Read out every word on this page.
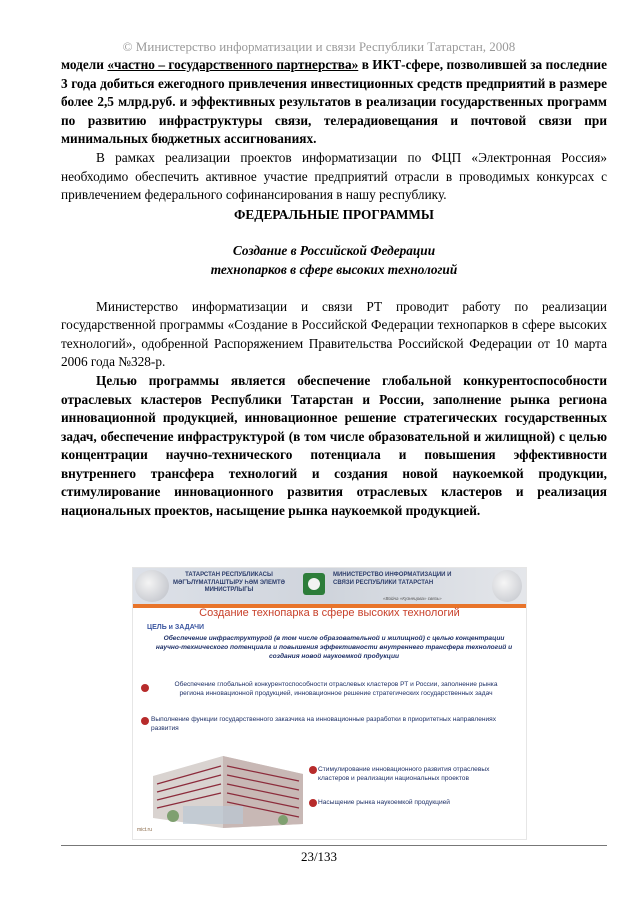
© Министерство информатизации и связи Республики Татарстан, 2008

модели «частно – государственного партнерства» в ИКТ-сфере, позволившей за последние 3 года добиться ежегодного привлечения инвестиционных средств предприятий в размере более 2,5 млрд.руб. и эффективных результатов в реализации государственных программ по развитию инфраструктуры связи, телерадиовещания и почтовой связи при минимальных бюджетных ассигнованиях.

В рамках реализации проектов информатизации по ФЦП «Электронная Россия» необходимо обеспечить активное участие предприятий отрасли в проводимых конкурсах с привлечением федерального софинансирования в нашу республику.

ФЕДЕРАЛЬНЫЕ ПРОГРАММЫ

Создание в Российской Федерации

технопарков в сфере высоких технологий

Министерство информатизации и связи РТ проводит работу по реализации государственной программы «Создание в Российской Федерации технопарков в сфере высоких технологий», одобренной Распоряжением Правительства Российской Федерации от 10 марта 2006 года №328-р.

Целью программы является обеспечение глобальной конкурентоспособности отраслевых кластеров Республики Татарстан и России, заполнение рынка региона инновационной продукцией, инновационное решение стратегических государственных задач, обеспечение инфраструктурой (в том числе образовательной и жилищной) с целью концентрации научно-технического потенциала и повышения эффективности внутреннего трансфера технологий и создания новой наукоемкой продукции, стимулирование инновационного развития отраслевых кластеров и реализация национальных проектов, насыщение рынка наукоемкой продукцией.

ТАТАРСТАН РЕСПУБЛИКАСЫ МӘГЪЛҮМАТЛАШТЫРУ ҺӘМ ЭЛЕМТӘ МИНИСТРЛЫГЫ
МИНИСТЕРСТВО ИНФОРМАТИЗАЦИИ И СВЯЗИ РЕСПУБЛИКИ ТАТАРСТАН
«Война «Кузнецова» связь»
Создание технопарка в сфере высоких технологий
ЦЕЛЬ и ЗАДАЧИ
Обеспечение инфраструктурой (в том числе образовательной и жилищной) с целью концентрации научно-технического потенциала и повышения эффективности внутреннего трансфера технологий и создания новой наукоемкой продукции
Обеспечение глобальной конкурентоспособности отраслевых кластеров РТ и России, заполнение рынка региона инновационной продукцией, инновационное решение стратегических государственных задач
Выполнение функции государственного заказчика на инновационные разработки в приоритетных направлениях развития
Стимулирование инновационного развития отраслевых кластеров и реализации национальных проектов
Насыщение рынка наукоемкой продукцией
mict.ru
23/133
